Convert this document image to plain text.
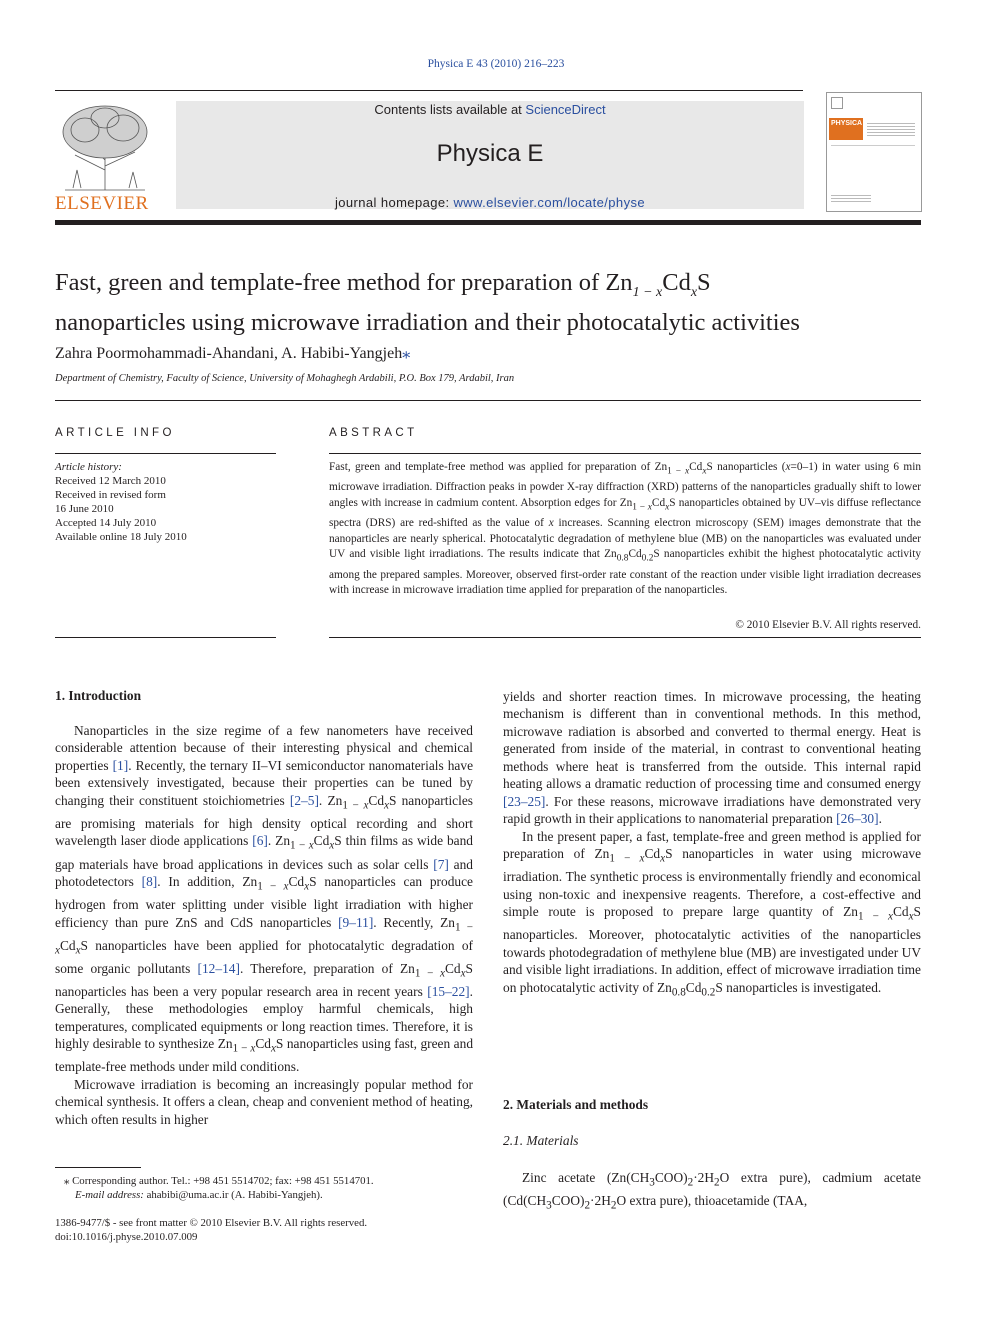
Physica E 43 (2010) 216–223
ELSEVIER
Contents lists available at ScienceDirect
Physica E
journal homepage: www.elsevier.com/locate/physe
PHYSICA
Fast, green and template-free method for preparation of $Zn_{1 - x}Cd_xS$
nanoparticles using microwave irradiation and their photocatalytic activities
Zahra Poormohammadi-Ahandani, A. Habibi-Yangjeh⁎
Department of Chemistry, Faculty of Science, University of Mohaghegh Ardabili, P.O. Box 179, Ardabil, Iran
ARTICLE INFO	ABSTRACT
Article history:
Received 12 March 2010
Received in revised form
16 June 2010
Accepted 14 July 2010
Available online 18 July 2010
Fast, green and template-free method was applied for preparation of $Zn_{1 - x}Cd_xS$ nanoparticles (x=0–1) in water using 6 min microwave irradiation. Diffraction peaks in powder X-ray diffraction (XRD) patterns of the nanoparticles gradually shift to lower angles with increase in cadmium content. Absorption edges for $Zn_{1 - x}Cd_xS$ nanoparticles obtained by UV–vis diffuse reflectance spectra (DRS) are red-shifted as the value of x increases. Scanning electron microscopy (SEM) images demonstrate that the nanoparticles are nearly spherical. Photocatalytic degradation of methylene blue (MB) on the nanoparticles was evaluated under UV and visible light irradiations. The results indicate that $Zn_{0.8}Cd_{0.2}S$ nanoparticles exhibit the highest photocatalytic activity among the prepared samples. Moreover, observed first-order rate constant of the reaction under visible light irradiation decreases with increase in microwave irradiation time applied for preparation of the nanoparticles.
© 2010 Elsevier B.V. All rights reserved.
1. Introduction

Nanoparticles in the size regime of a few nanometers have received considerable attention because of their interesting physical and chemical properties [1]. Recently, the ternary II–VI semiconductor nanomaterials have been extensively investigated, because their properties can be tuned by changing their constituent stoichiometries [2–5]. $Zn_{1 - x}Cd_xS$ nanoparticles are promising materials for high density optical recording and short wavelength laser diode applications [6]. $Zn_{1 - x}Cd_xS$ thin films as wide band gap materials have broad applications in devices such as solar cells [7] and photodetectors [8]. In addition, $Zn_{1 - x}Cd_xS$ nanoparticles can produce hydrogen from water splitting under visible light irradiation with higher efficiency than pure ZnS and CdS nanoparticles [9–11]. Recently, $Zn_{1 - x}Cd_xS$ nanoparticles have been applied for photocatalytic degradation of some organic pollutants [12–14]. Therefore, preparation of $Zn_{1 - x}Cd_xS$ nanoparticles has been a very popular research area in recent years [15–22]. Generally, these methodologies employ harmful chemicals, high temperatures, complicated equipments or long reaction times. Therefore, it is highly desirable to synthesize $Zn_{1 - x}Cd_xS$ nanoparticles using fast, green and template-free methods under mild conditions.

Microwave irradiation is becoming an increasingly popular method for chemical synthesis. It offers a clean, cheap and convenient method of heating, which often results in higher

yields and shorter reaction times. In microwave processing, the heating mechanism is different than in conventional methods. In this method, microwave radiation is absorbed and converted to thermal energy. Heat is generated from inside of the material, in contrast to conventional heating methods where heat is transferred from the outside. This internal rapid heating allows a dramatic reduction of processing time and consumed energy [23–25]. For these reasons, microwave irradiations have demonstrated very rapid growth in their applications to nanomaterial preparation [26–30].

In the present paper, a fast, template-free and green method is applied for preparation of $Zn_{1 - x}Cd_xS$ nanoparticles in water using microwave irradiation. The synthetic process is environmentally friendly and economical using non-toxic and inexpensive reagents. Therefore, a cost-effective and simple route is proposed to prepare large quantity of $Zn_{1 - x}Cd_xS$ nanoparticles. Moreover, photocatalytic activities of the nanoparticles towards photodegradation of methylene blue (MB) are investigated under UV and visible light irradiations. In addition, effect of microwave irradiation time on photocatalytic activity of $Zn_{0.8}Cd_{0.2}S$ nanoparticles is investigated.

2. Materials and methods
2.1. Materials

Zinc acetate ($Zn(CH_3COO)_2\cdot 2H_2O$ extra pure), cadmium acetate ($Cd(CH_3COO)_2\cdot 2H_2O$ extra pure), thioacetamide (TAA,

⁎ Corresponding author. Tel.: +98 451 5514702; fax: +98 451 5514701.
E-mail address: ahabibi@uma.ac.ir (A. Habibi-Yangjeh).
1386-9477/$ - see front matter © 2010 Elsevier B.V. All rights reserved.
doi:10.1016/j.physe.2010.07.009
